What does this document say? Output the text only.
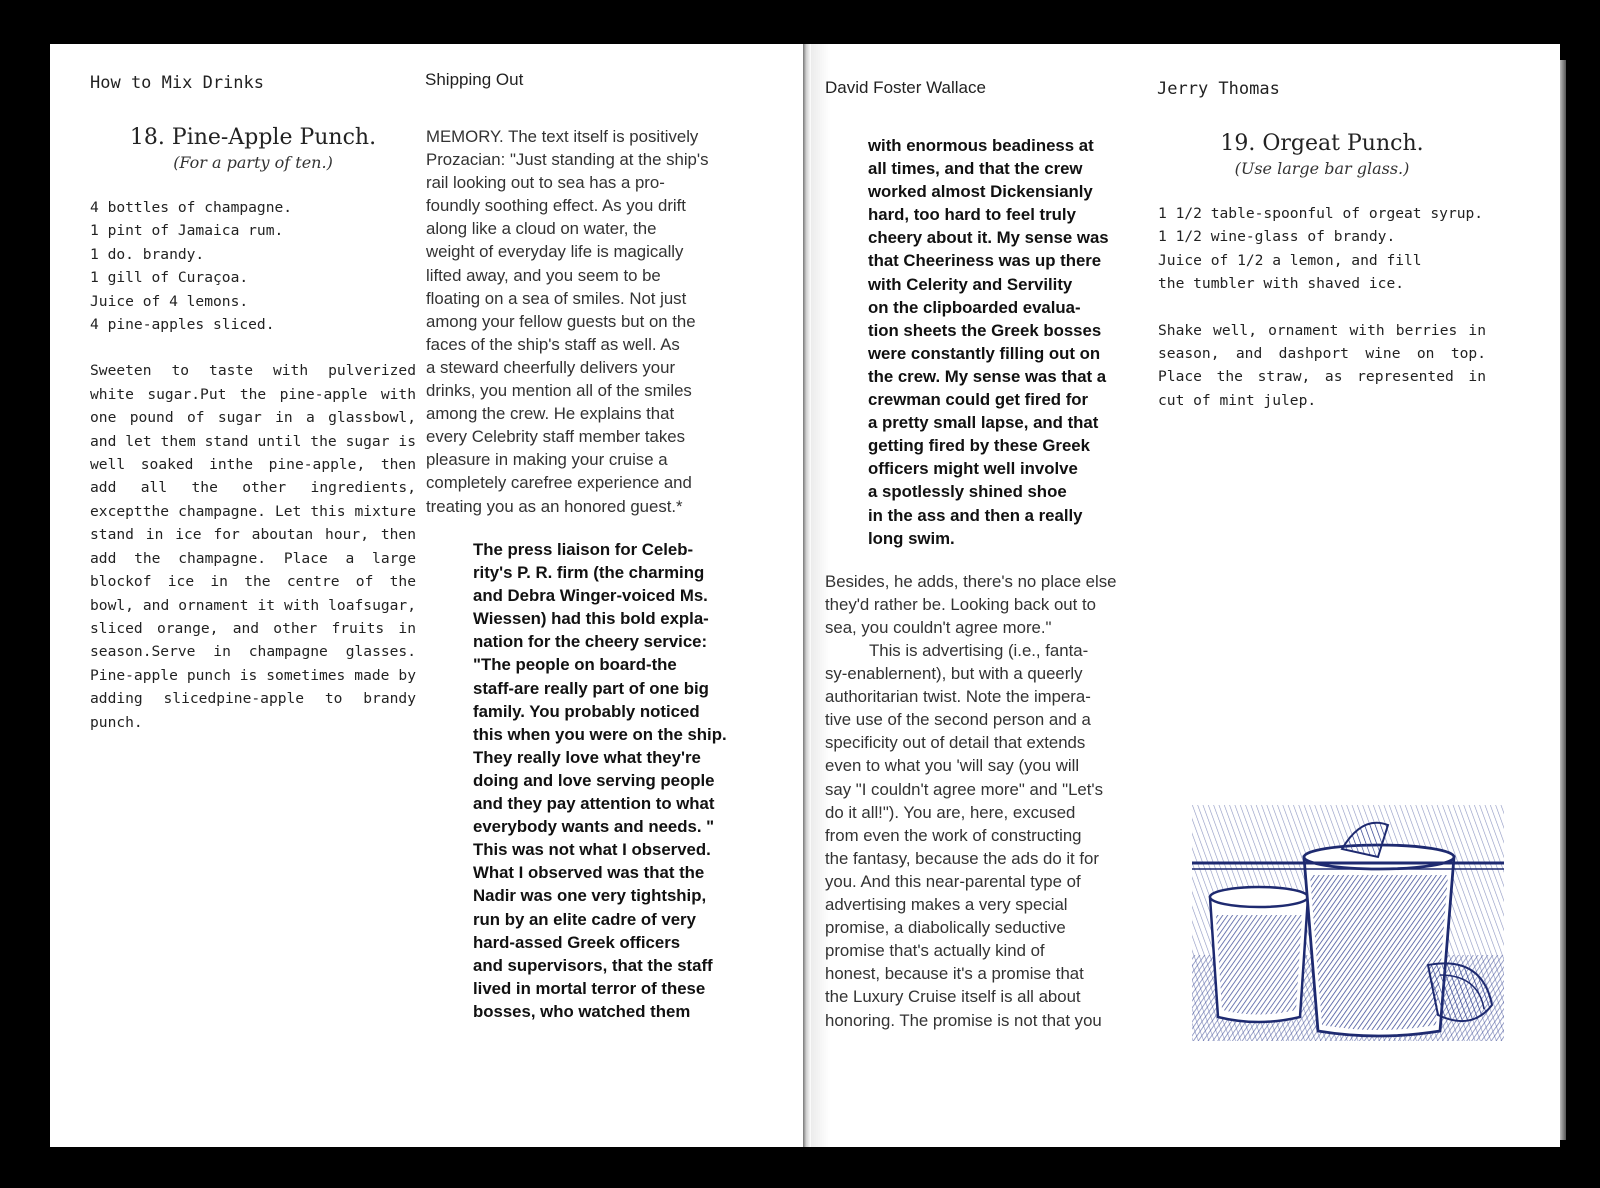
How to Mix Drinks	Shipping Out

18. Pine-Apple Punch.

(For a party of ten.)

4 bottles of champagne.
1 pint of Jamaica rum.
1 do. brandy.
1 gill of Curaçoa.
Juice of 4 lemons.
4 pine-apples sliced.

Sweeten to taste with pulverized white sugar.Put the pine-apple with one pound of sugar in a glassbowl, and let them stand until the sugar is well soaked inthe pine-apple, then add all the other ingredients, exceptthe champagne. Let this mixture stand in ice for aboutan hour, then add the champagne. Place a large blockof ice in the centre of the bowl, and ornament it with loafsugar, sliced orange, and other fruits in season.Serve in champagne glasses. Pine-apple punch is sometimes made by adding slicedpine-apple to brandy punch.

MEMORY. The text itself is positively
Prozacian: "Just standing at the ship's
rail looking out to sea has a pro-
foundly soothing effect. As you drift
along like a cloud on water, the
weight of everyday life is magically
lifted away, and you seem to be
floating on a sea of smiles. Not just
among your fellow guests but on the
faces of the ship's staff as well. As
a steward cheerfully delivers your
drinks, you mention all of the smiles
among the crew. He explains that
every Celebrity staff member takes
pleasure in making your cruise a
completely carefree experience and
treating you as an honored guest.*
The press liaison for Celeb-
rity's P. R. firm (the charming
and Debra Winger-voiced Ms.
Wiessen) had this bold expla-
nation for the cheery service:
"The people on board-the
staff-are really part of one big
family. You probably noticed
this when you were on the ship.
They really love what they're
doing and love serving people
and they pay attention to what
everybody wants and needs. "
This was not what I observed.
What I observed was that the
Nadir was one very tightship,
run by an elite cadre of very
hard-assed Greek officers
and supervisors, that the staff
lived in mortal terror of these
bosses, who watched them
David Foster Wallace	Jerry Thomas
with enormous beadiness at
all times, and that the crew
worked almost Dickensianly
hard, too hard to feel truly
cheery about it. My sense was
that Cheeriness was up there
with Celerity and Servility
on the clipboarded evalua-
tion sheets the Greek bosses
were constantly filling out on
the crew. My sense was that a
crewman could get fired for
a pretty small lapse, and that
getting fired by these Greek
officers might well involve
a spotlessly shined shoe
in the ass and then a really
long swim.
Besides, he adds, there's no place else
they'd rather be. Looking back out to
sea, you couldn't agree more."
This is advertising (i.e., fanta-
sy-enablernent), but with a queerly
authoritarian twist. Note the impera-
tive use of the second person and a
specificity out of detail that extends
even to what you 'will say (you will
say "I couldn't agree more" and "Let's
do it all!"). You are, here, excused
from even the work of constructing
the fantasy, because the ads do it for
you. And this near-parental type of
advertising makes a very special
promise, a diabolically seductive
promise that's actually kind of
honest, because it's a promise that
the Luxury Cruise itself is all about
honoring. The promise is not that you

19. Orgeat Punch.

(Use large bar glass.)

1 1/2 table-spoonful of orgeat syrup.
1 1/2 wine-glass of brandy.
Juice of 1/2 a lemon, and fill
the tumbler with shaved ice.

Shake well, ornament with berries in season, and dashport wine on top. Place the straw, as represented in cut of mint julep.
